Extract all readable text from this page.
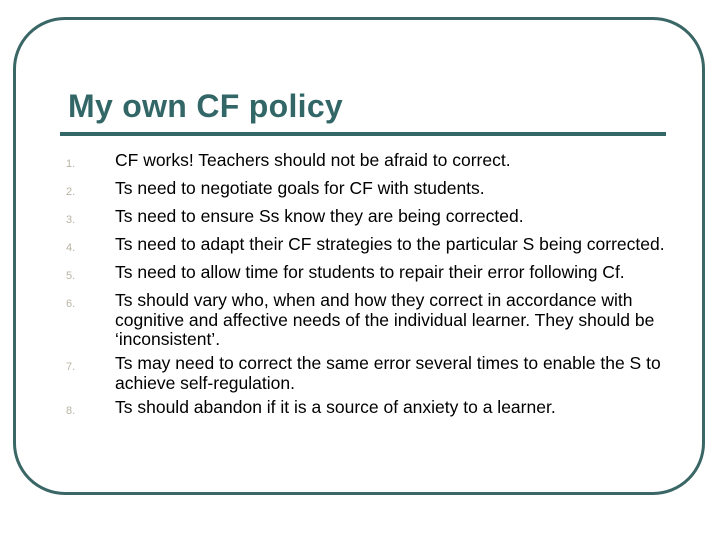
My own CF policy
1.	CF works! Teachers should not be afraid to correct.
2.	Ts need to negotiate goals for CF with students.
3.	Ts need to ensure Ss know they are being corrected.
4.	Ts need to adapt their CF strategies to the particular S being corrected.
5.	Ts need to allow time for students to repair their error following Cf.
6.	Ts should vary who, when and how they correct in accordance with cognitive and affective needs of the individual learner. They should be ‘inconsistent’.
7.	Ts may need to correct the same error several times to enable the S to achieve self-regulation.
8.	Ts should abandon if it is a source of anxiety to a learner.
